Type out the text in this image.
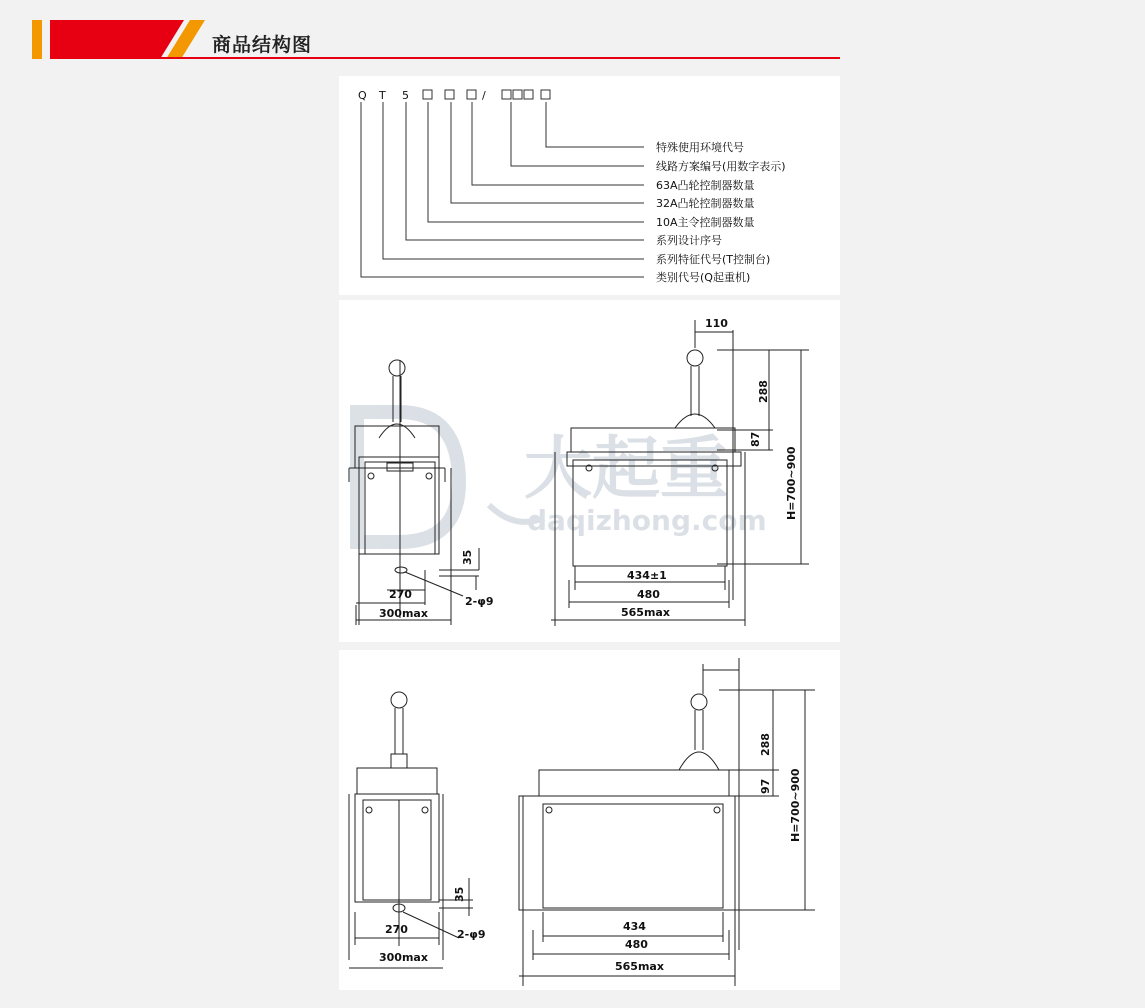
商品结构图
Q T 5	/
特殊使用环境代号
线路方案编号(用数字表示)
63A凸轮控制器数量
32A凸轮控制器数量
10A主令控制器数量
系列设计序号
系列特征代号(T控制台)
类别代号(Q起重机)
大起重
daqizhong.com
35
270
300max
2-φ9
110
288
87
H=700~900
434±1
480
565max
35
270
300max
2-φ9
288
97 H=700~900
434
480
565max
